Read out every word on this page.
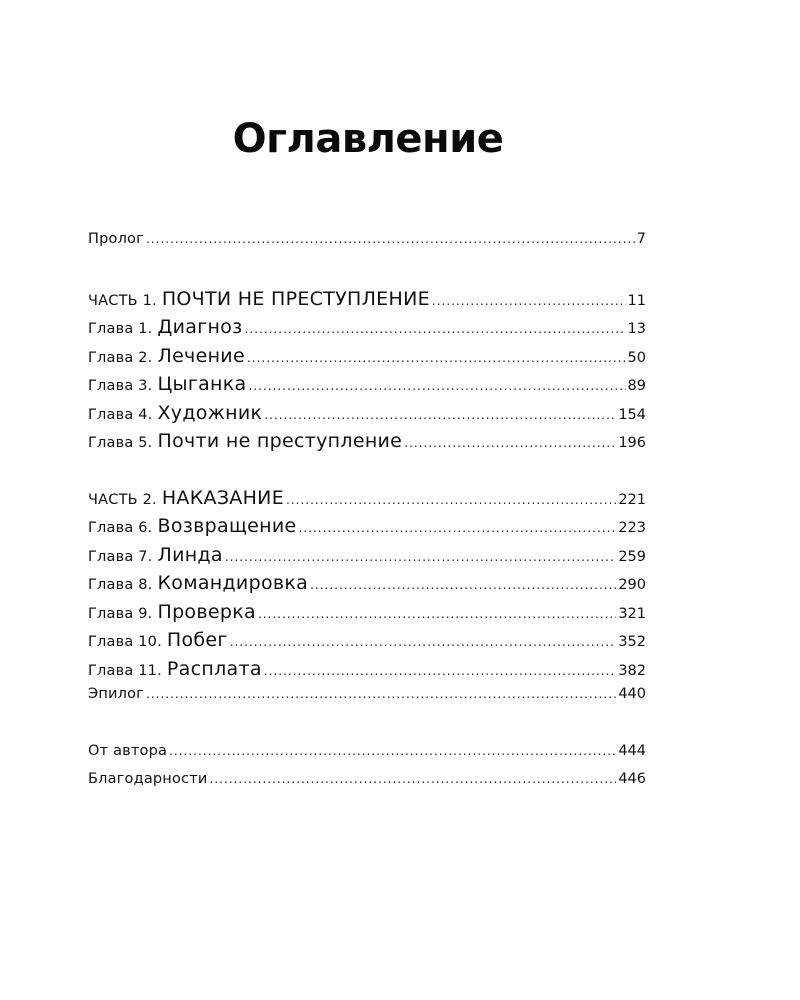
Оглавление
Пролог .....	7
ЧАСТЬ 1. ПОЧТИ НЕ ПРЕСТУПЛЕНИЕ .....	11
Глава 1. Диагноз .....	13
Глава 2. Лечение .....	50
Глава 3. Цыганка .....	89
Глава 4. Художник .....	154
Глава 5. Почти не преступление .....	196
ЧАСТЬ 2. НАКАЗАНИЕ .....	221
Глава 6. Возвращение .....	223
Глава 7. Линда .....	259
Глава 8. Командировка .....	290
Глава 9. Проверка .....	321
Глава 10. Побег .....	352
Глава 11. Расплата .....	382
Эпилог .....	440
От автора .....	444
Благодарности .....	446
